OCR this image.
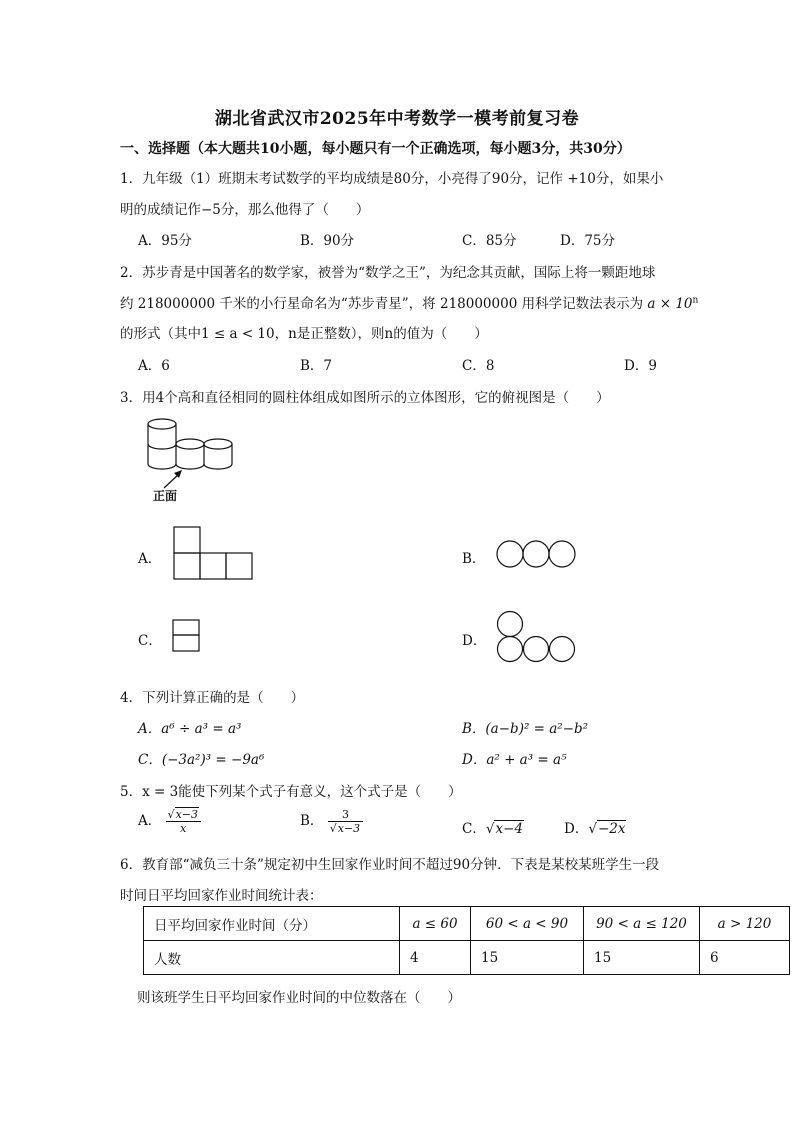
湖北省武汉市2025年中考数学一模考前复习卷
一、选择题（本大题共10小题，每小题只有一个正确选项，每小题3分，共30分）
1．九年级（1）班期末考试数学的平均成绩是80分，小亮得了90分，记作 +10分，如果小
明的成绩记作−5分，那么他得了（　　）
A．95分	B．90分	C．85分	D．75分
2．苏步青是中国著名的数学家，被誉为“数学之王”，为纪念其贡献，国际上将一颗距地球
约 218000000 千米的小行星命名为“苏步青星”，将 218000000 用科学记数法表示为 $a \times 10^n$
的形式（其中1 ≤ a < 10，n是正整数），则n的值为（　　）
A．6	B．7	C．8	D．9
3．用4个高和直径相同的圆柱体组成如图所示的立体图形，它的俯视图是（　　）
正面
A．	B．
C．	D．
4．下列计算正确的是（　　）
A．a⁶ ÷ a³ = a³	B．(a−b)² = a²−b²
C．(−3a²)³ = −9a⁶	D．a² + a³ = a⁵
5．x = 3能使下列某个式子有意义，这个式子是（　　）
A． $\frac{√x-3}{x}$	B． $\frac{3}{√x-3}$	C．√x−4	D．√−2x
6．教育部“减负三十条”规定初中生回家作业时间不超过90分钟．下表是某校某班学生一段
时间日平均回家作业时间统计表：
日平均回家作业时间（分）	a ≤ 60	60 < a < 90	90 < a ≤ 120	a > 120
人数	4	15	15	6
则该班学生日平均回家作业时间的中位数落在（　　）
